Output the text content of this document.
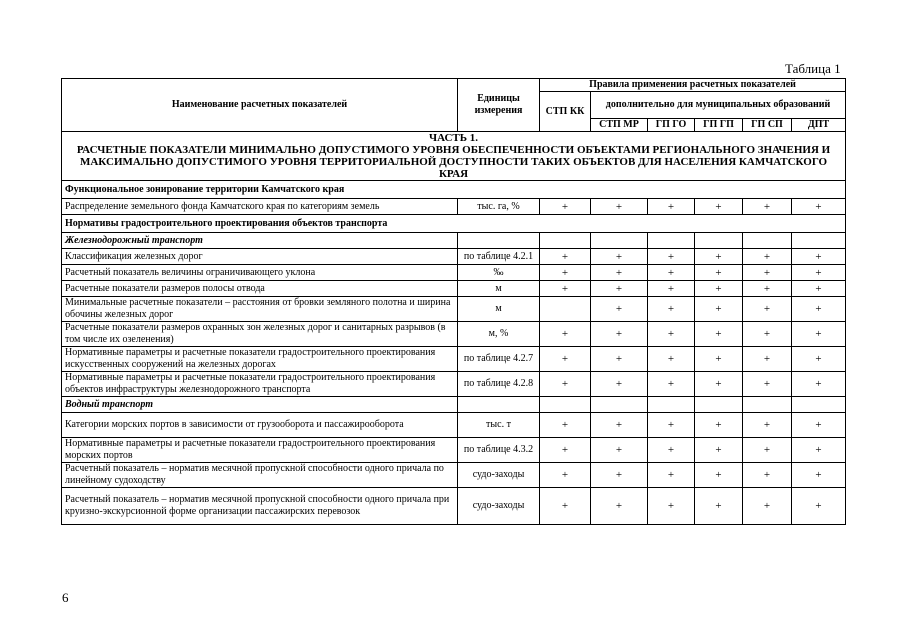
Таблица 1
Наименование расчетных показателей	Единицы измерения	Правила применения расчетных показателей					
		СТП КК	дополнительно для муниципальных образований				
			СТП МР	ГП ГО	ГП ГП	ГП СП	ДПТ

ЧАСТЬ 1.
РАСЧЕТНЫЕ ПОКАЗАТЕЛИ МИНИМАЛЬНО ДОПУСТИМОГО УРОВНЯ ОБЕСПЕЧЕННОСТИ ОБЪЕКТАМИ РЕГИОНАЛЬНОГО ЗНАЧЕНИЯ И МАКСИМАЛЬНО ДОПУСТИМОГО УРОВНЯ ТЕРРИТОРИАЛЬНОЙ ДОСТУПНОСТИ ТАКИХ ОБЪЕКТОВ ДЛЯ НАСЕЛЕНИЯ КАМЧАТСКОГО КРАЯ							

Функциональное зонирование территории Камчатского края							
Распределение земельного фонда Камчатского края по категориям земель	тыс. га, %	+	+	+	+	+	+
Нормативы градостроительного проектирования объектов транспорта							
Железнодорожный транспорт							
Классификация железных дорог	по таблице 4.2.1	+	+	+	+	+	+
Расчетный показатель величины ограничивающего уклона	‰	+	+	+	+	+	+
Расчетные показатели размеров полосы отвода	м	+	+	+	+	+	+
Минимальные расчетные показатели – расстояния от бровки земляного полотна и ширина обочины железных дорог	м		+	+	+	+	+
Расчетные показатели размеров охранных зон железных дорог и санитарных разрывов (в том числе их озеленения)	м, %	+	+	+	+	+	+
Нормативные параметры и расчетные показатели градостроительного проектирования искусственных сооружений на железных дорогах	по таблице 4.2.7	+	+	+	+	+	+
Нормативные параметры и расчетные показатели градостроительного проектирования объектов инфраструктуры железнодорожного транспорта	по таблице 4.2.8	+	+	+	+	+	+
Водный транспорт							
Категории морских портов в зависимости от грузооборота и пассажирооборота	тыс. т	+	+	+	+	+	+
Нормативные параметры и расчетные показатели градостроительного проектирования морских портов	по таблице 4.3.2	+	+	+	+	+	+
Расчетный показатель – норматив месячной пропускной способности одного причала по линейному судоходству	судо-заходы	+	+	+	+	+	+
Расчетный показатель – норматив месячной пропускной способности одного причала при круизно-экскурсионной форме организации пассажирских перевозок	судо-заходы	+	+	+	+	+	+
6
